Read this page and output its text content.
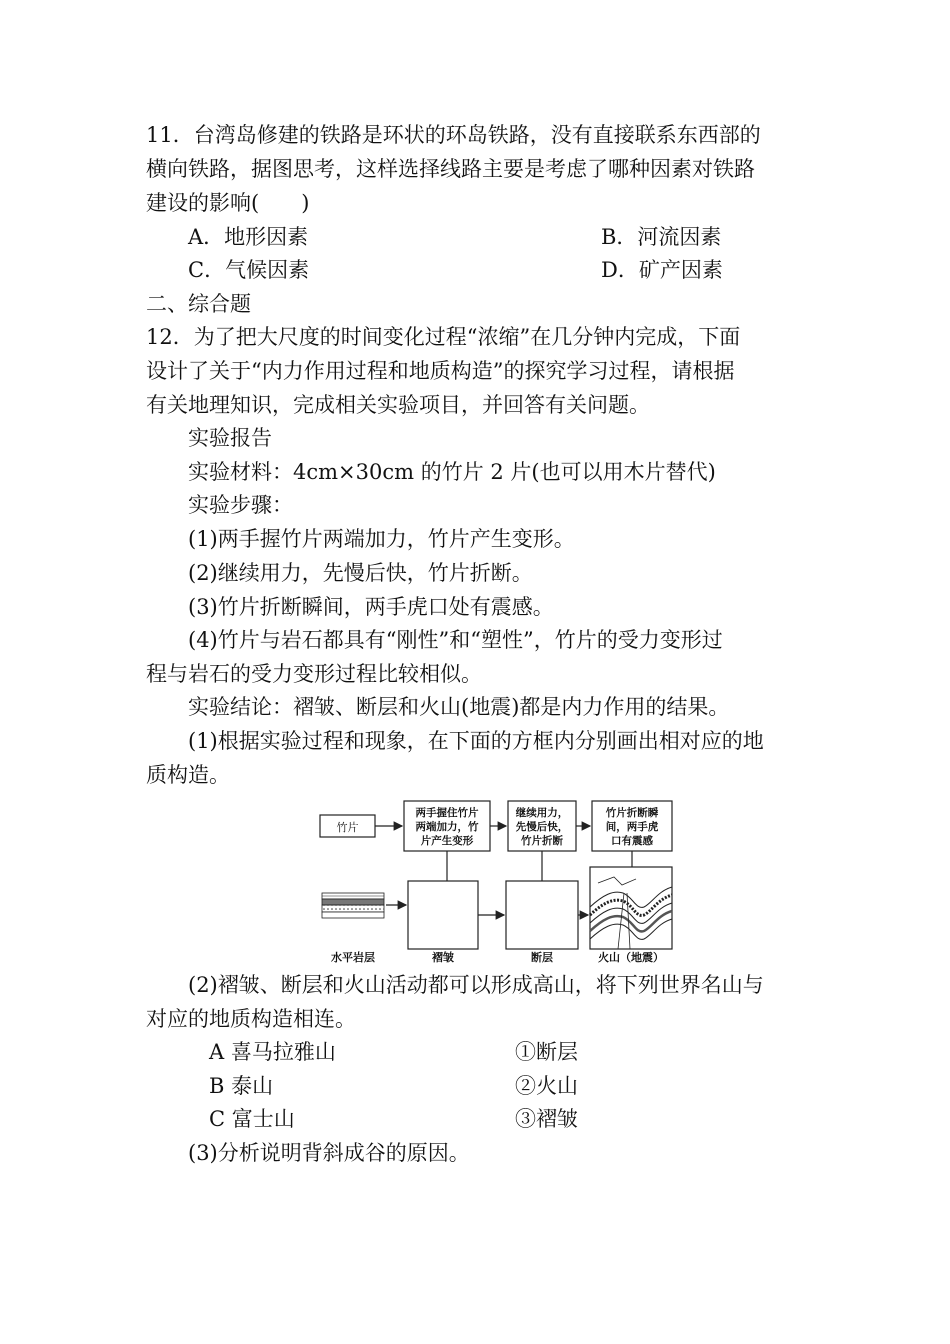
11．台湾岛修建的铁路是环状的环岛铁路，没有直接联系东西部的
横向铁路，据图思考，这样选择线路主要是考虑了哪种因素对铁路
建设的影响(　　)
A．地形因素	B．河流因素
C．气候因素	D．矿产因素
二、综合题
12．为了把大尺度的时间变化过程“浓缩”在几分钟内完成，下面
设计了关于“内力作用过程和地质构造”的探究学习过程，请根据
有关地理知识，完成相关实验项目，并回答有关问题。
实验报告
实验材料：4cm×30cm 的竹片 2 片(也可以用木片替代)
实验步骤：
(1)两手握竹片两端加力，竹片产生变形。
(2)继续用力，先慢后快，竹片折断。
(3)竹片折断瞬间，两手虎口处有震感。
(4)竹片与岩石都具有“刚性”和“塑性”，竹片的受力变形过
程与岩石的受力变形过程比较相似。
实验结论：褶皱、断层和火山(地震)都是内力作用的结果。
(1)根据实验过程和现象，在下面的方框内分别画出相对应的地
质构造。
竹片
两手握住竹片
两端加力，竹
片产生变形
继续用力，
先慢后快，
竹片折断
竹片折断瞬
间，两手虎
口有震感
水平岩层	褶皱	断层	火山（地震）
(2)褶皱、断层和火山活动都可以形成高山，将下列世界名山与
对应的地质构造相连。
A 喜马拉雅山	①断层
B 泰山	②火山
C 富士山	③褶皱
(3)分析说明背斜成谷的原因。
